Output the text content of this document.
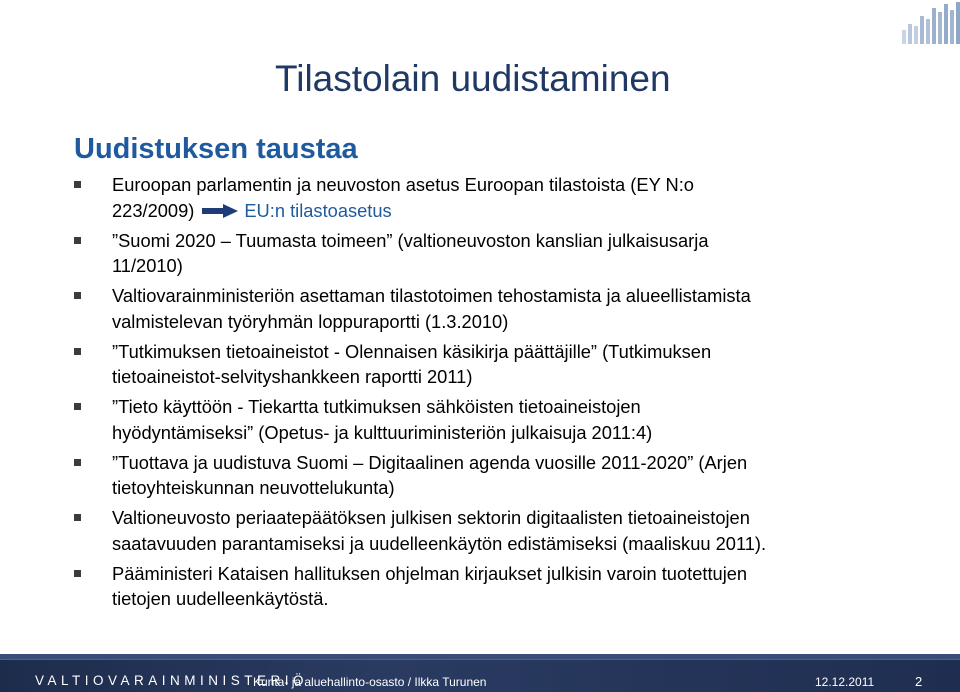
Tilastolain uudistaminen
Uudistuksen taustaa
Euroopan parlamentin ja neuvoston asetus Euroopan tilastoista (EY N:o
223/2009)	EU:n tilastoasetus
”Suomi 2020 – Tuumasta toimeen” (valtioneuvoston kanslian julkaisusarja
11/2010)
Valtiovarainministeriön asettaman tilastotoimen tehostamista ja alueellistamista
valmistelevan työryhmän loppuraportti (1.3.2010)
”Tutkimuksen tietoaineistot - Olennaisen käsikirja päättäjille” (Tutkimuksen
tietoaineistot-selvityshankkeen raportti 2011)
”Tieto käyttöön - Tiekartta tutkimuksen sähköisten tietoaineistojen
hyödyntämiseksi” (Opetus- ja kulttuuriministeriön julkaisuja 2011:4)
”Tuottava ja uudistuva Suomi – Digitaalinen agenda vuosille 2011-2020” (Arjen
tietoyhteiskunnan neuvottelukunta)
Valtioneuvosto periaatepäätöksen julkisen sektorin digitaalisten tietoaineistojen
saatavuuden parantamiseksi ja uudelleenkäytön edistämiseksi (maaliskuu 2011).
Pääministeri Kataisen hallituksen ohjelman kirjaukset julkisin varoin tuotettujen
tietojen uudelleenkäytöstä.
VALTIOVARAINMINISTERIÖ
Kunta- ja aluehallinto-osasto / Ilkka Turunen	12.12.2011	2
